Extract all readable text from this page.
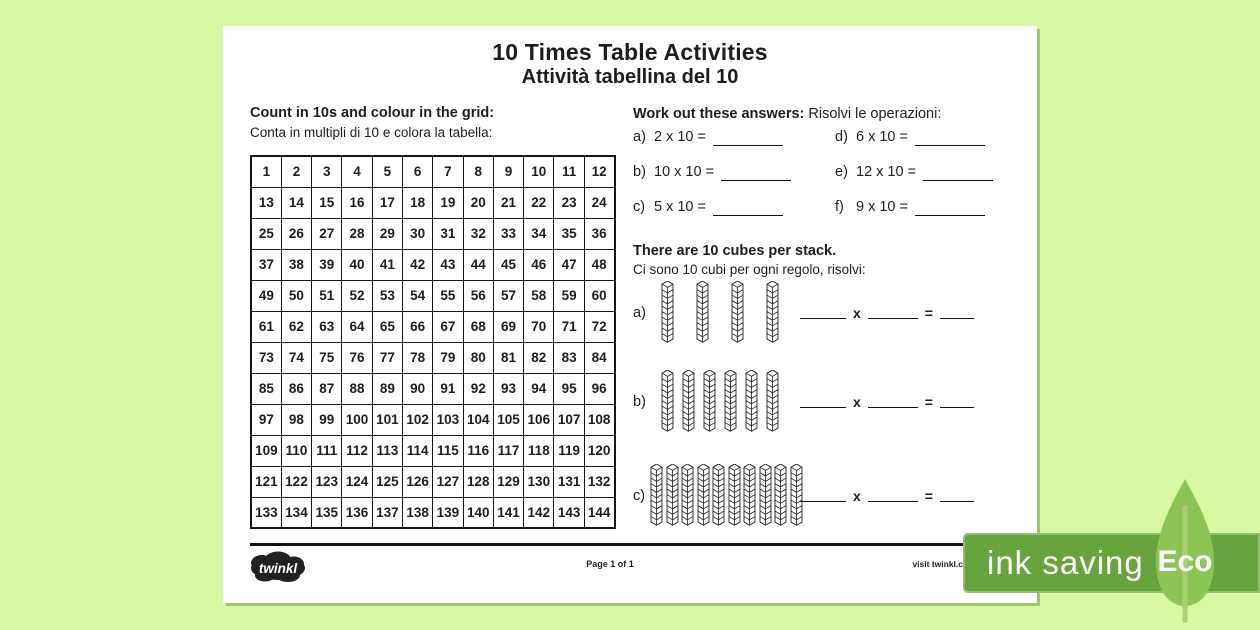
10 Times Table Activities
Attività tabellina del 10
Count in 10s and colour in the grid:
Conta in multipli di 10 e colora la tabella:
1	2	3	4	5	6	7	8	9	10	11	12
13	14	15	16	17	18	19	20	21	22	23	24
25	26	27	28	29	30	31	32	33	34	35	36
37	38	39	40	41	42	43	44	45	46	47	48
49	50	51	52	53	54	55	56	57	58	59	60
61	62	63	64	65	66	67	68	69	70	71	72
73	74	75	76	77	78	79	80	81	82	83	84
85	86	87	88	89	90	91	92	93	94	95	96
97	98	99	100	101	102	103	104	105	106	107	108
109	110	111	112	113	114	115	116	117	118	119	120
121	122	123	124	125	126	127	128	129	130	131	132
133	134	135	136	137	138	139	140	141	142	143	144
Work out these answers: Risolvi le operazioni:
a) 2 x 10 =	d) 6 x 10 =
b) 10 x 10 =	e) 12 x 10 =
c) 5 x 10 =	f) 9 x 10 =
There are 10 cubes per stack.
Ci sono 10 cubi per ogni regolo, risolvi:
a)	x	=
b)	x	=
c)	x	=
twinkl	Page 1 of 1	visit twinkl.c ink saving Eco
